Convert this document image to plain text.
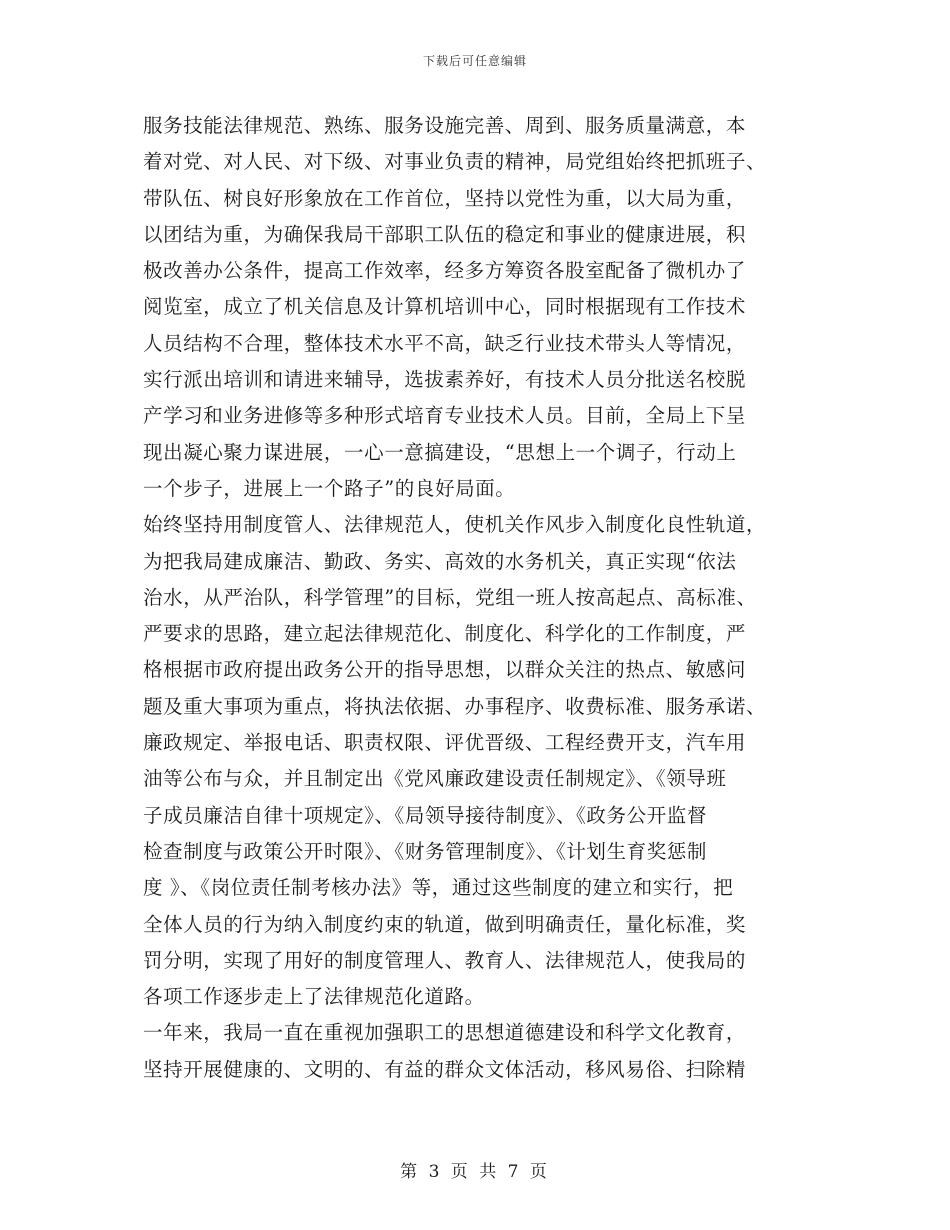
下载后可任意编辑
服务技能法律规范、熟练、服务设施完善、周到、服务质量满意，本
着对党、对人民、对下级、对事业负责的精神，局党组始终把抓班子、
带队伍、树良好形象放在工作首位，坚持以党性为重，以大局为重，
以团结为重，为确保我局干部职工队伍的稳定和事业的健康进展，积
极改善办公条件，提高工作效率，经多方筹资各股室配备了微机办了
阅览室，成立了机关信息及计算机培训中心，同时根据现有工作技术
人员结构不合理，整体技术水平不高，缺乏行业技术带头人等情况，
实行派出培训和请进来辅导，选拔素养好，有技术人员分批送名校脱
产学习和业务进修等多种形式培育专业技术人员。目前，全局上下呈
现出凝心聚力谋进展，一心一意搞建设，“思想上一个调子，行动上
一个步子，进展上一个路子”的良好局面。
始终坚持用制度管人、法律规范人，使机关作风步入制度化良性轨道，
为把我局建成廉洁、勤政、务实、高效的水务机关，真正实现“依法
治水，从严治队，科学管理”的目标，党组一班人按高起点、高标准、
严要求的思路，建立起法律规范化、制度化、科学化的工作制度，严
格根据市政府提出政务公开的指导思想，以群众关注的热点、敏感问
题及重大事项为重点，将执法依据、办事程序、收费标准、服务承诺、
廉政规定、举报电话、职责权限、评优晋级、工程经费开支，汽车用
油等公布与众，并且制定出《党风廉政建设责任制规定》、《领导班
子成员廉洁自律十项规定》、《局领导接待制度》、《政务公开监督
检查制度与政策公开时限》、《财务管理制度》、《计划生育奖惩制
度 》、《岗位责任制考核办法》等，通过这些制度的建立和实行，把
全体人员的行为纳入制度约束的轨道，做到明确责任，量化标准，奖
罚分明，实现了用好的制度管理人、教育人、法律规范人，使我局的
各项工作逐步走上了法律规范化道路。
一年来，我局一直在重视加强职工的思想道德建设和科学文化教育，
坚持开展健康的、文明的、有益的群众文体活动，移风易俗、扫除精
第 3 页 共 7 页
